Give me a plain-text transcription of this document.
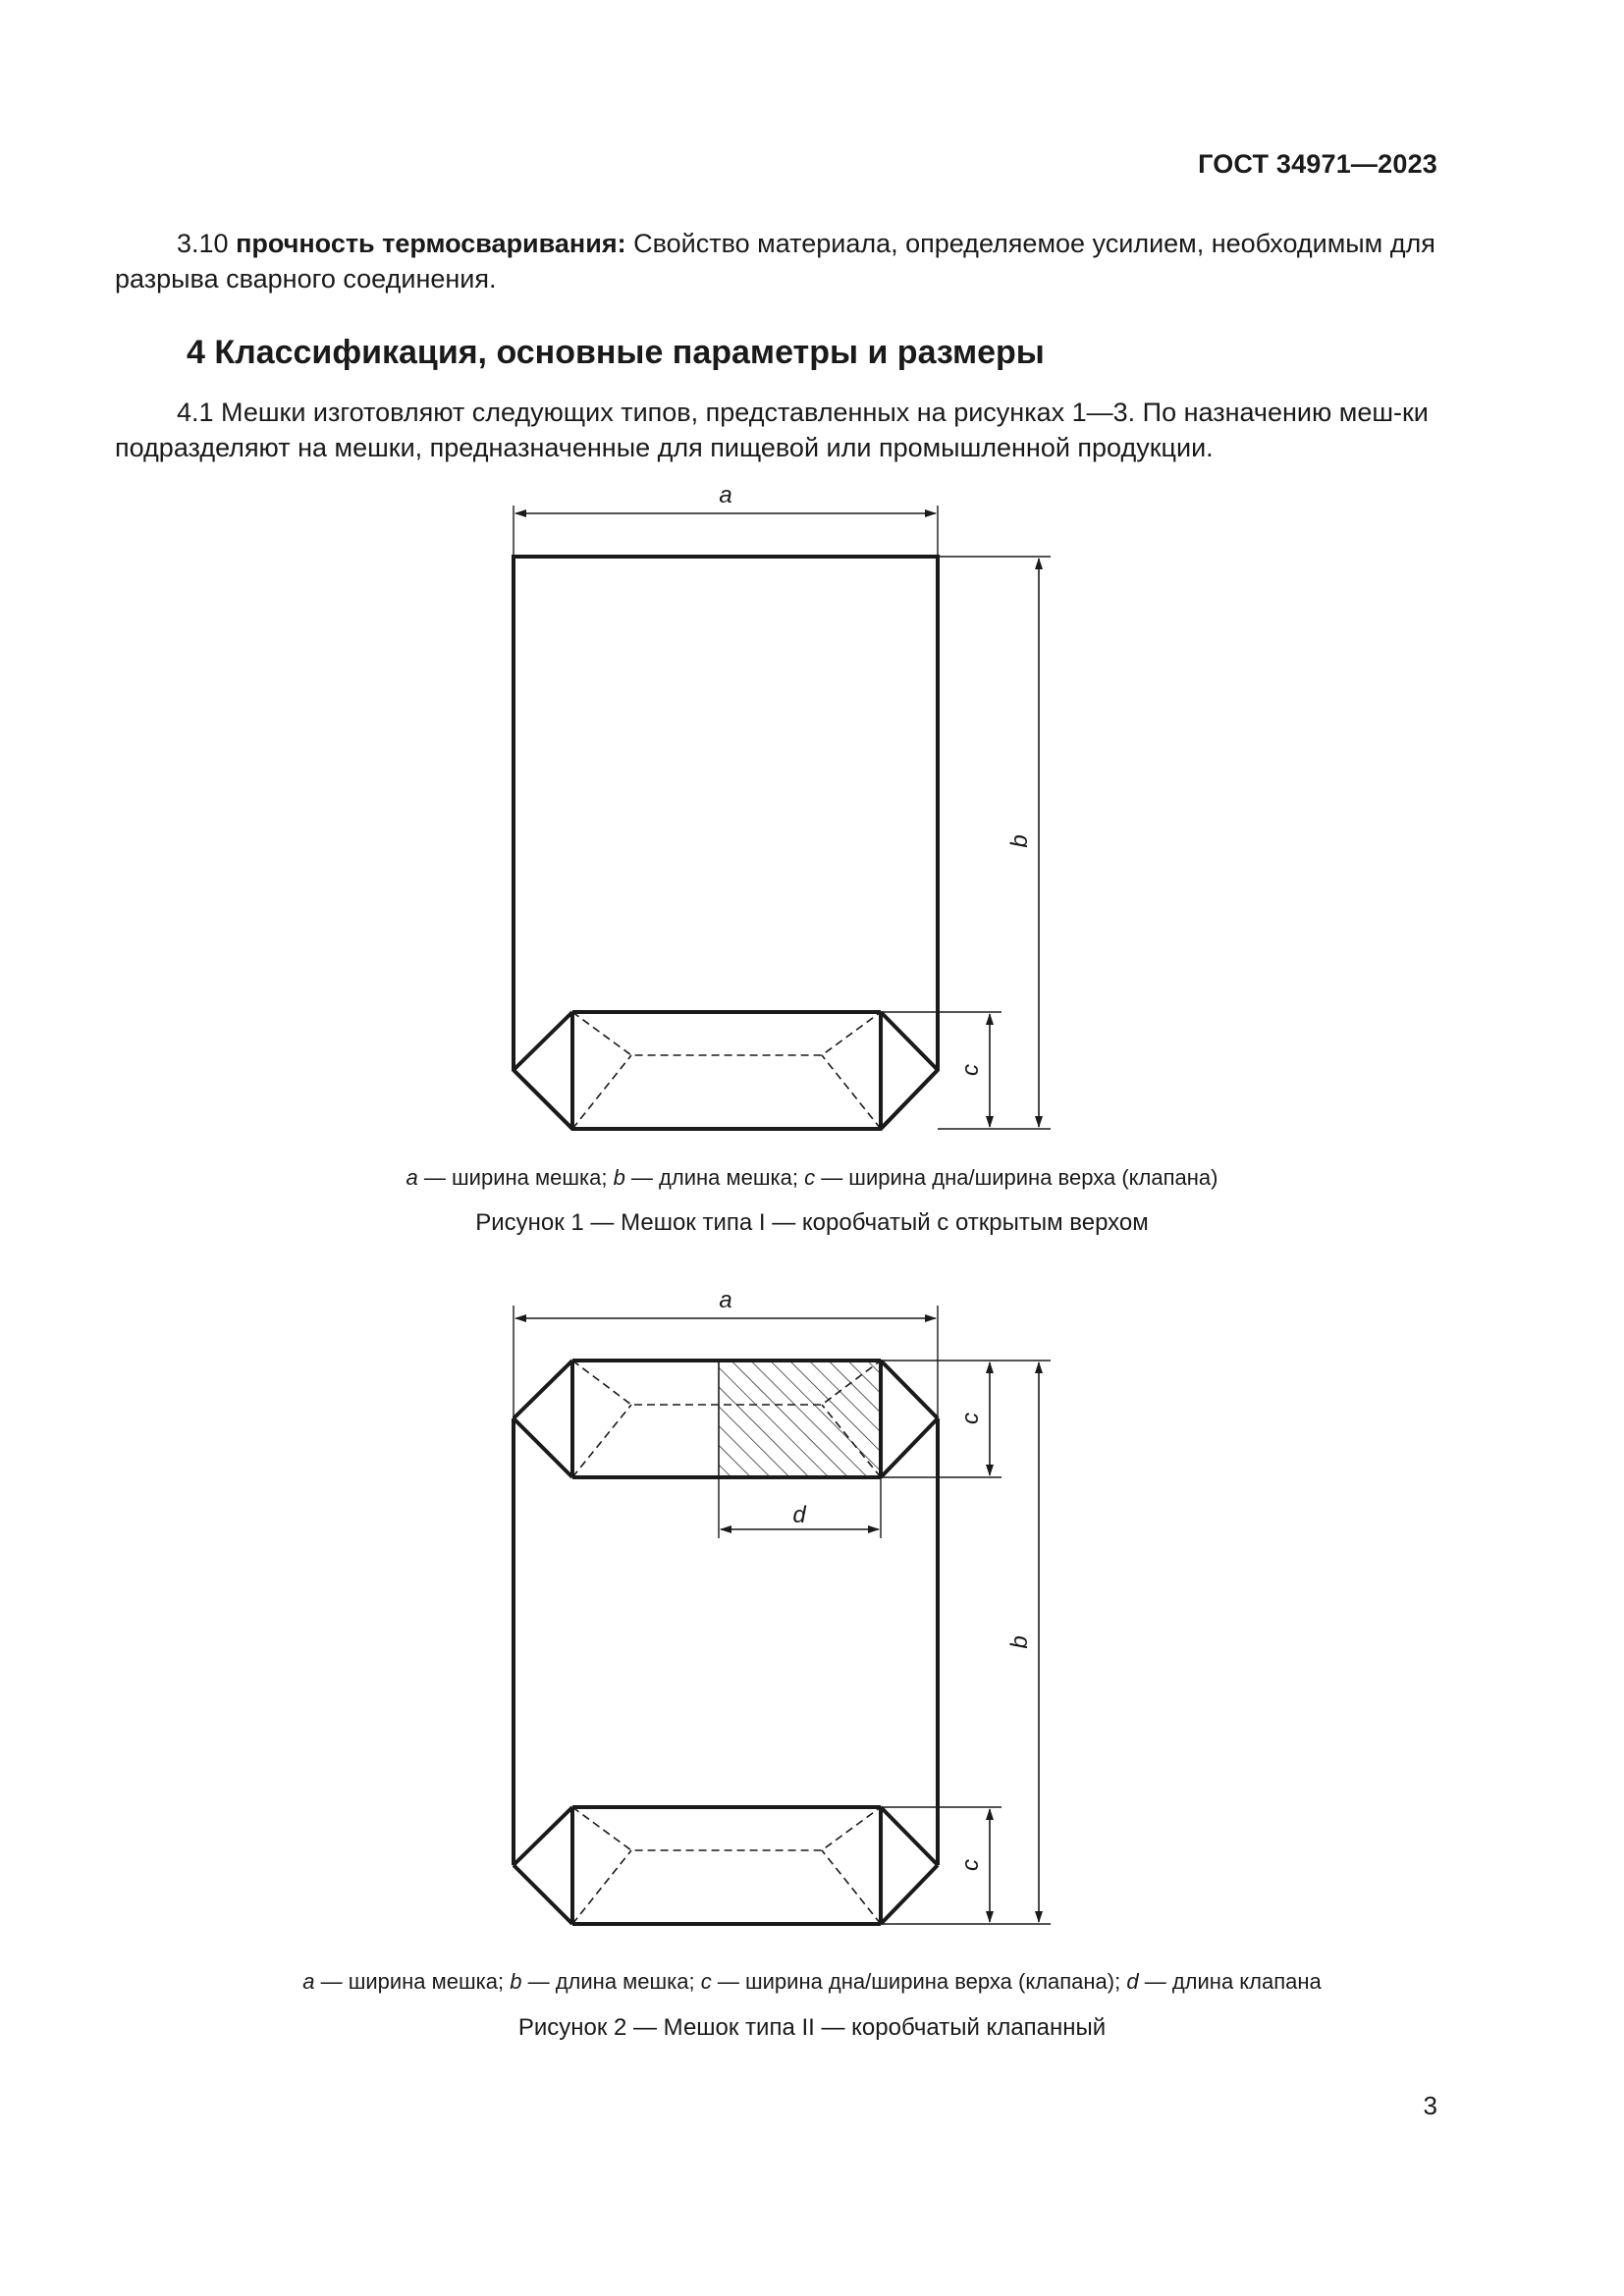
ГОСТ 34971—2023

3.10 прочность термосваривания: Свойство материала, определяемое усилием, необходимым для разрыва сварного соединения.

4 Классификация, основные параметры и размеры

4.1 Мешки изготовляют следующих типов, представленных на рисунках 1—3. По назначению меш-ки подразделяют на мешки, предназначенные для пищевой или промышленной продукции.

a
b
c

a — ширина мешка; b — длина мешка; c — ширина дна/ширина верха (клапана)

Рисунок 1 — Мешок типа I — коробчатый с открытым верхом

a
c
b
c
d

a — ширина мешка; b — длина мешка; c — ширина дна/ширина верха (клапана); d — длина клапана

Рисунок 2 — Мешок типа II — коробчатый клапанный

3
